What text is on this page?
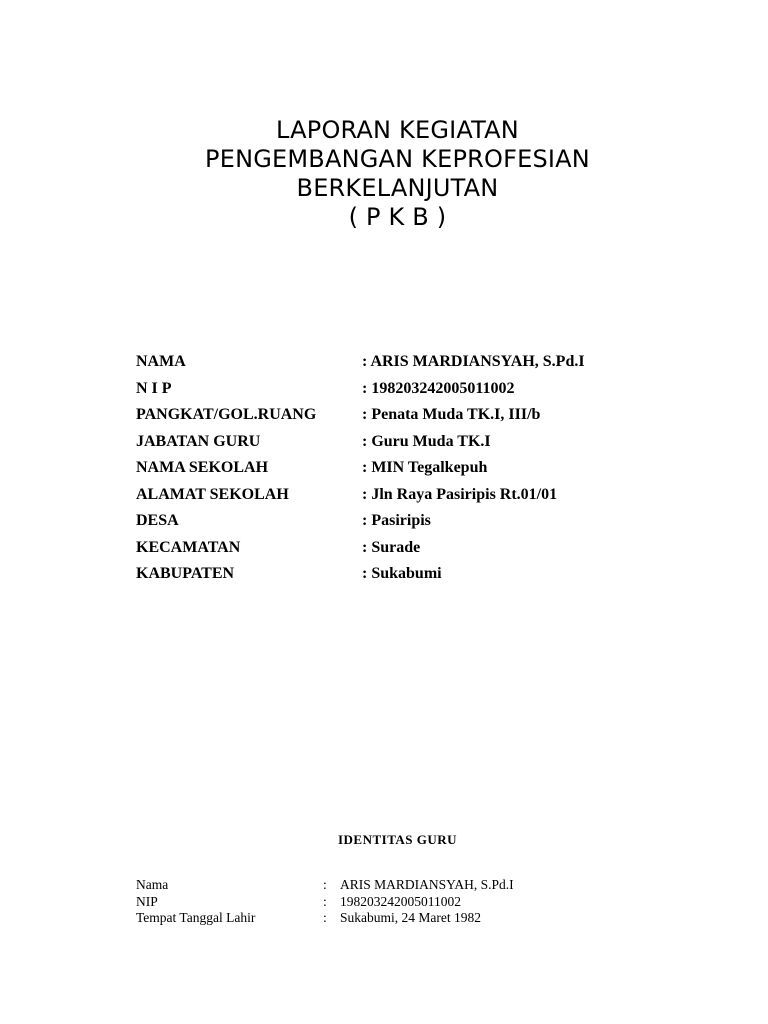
LAPORAN KEGIATAN
PENGEMBANGAN KEPROFESIAN
BERKELANJUTAN
( P K B )
NAMA	: ARIS MARDIANSYAH, S.Pd.I
N I P	: 198203242005011002
PANGKAT/GOL.RUANG	: Penata Muda TK.I, III/b
JABATAN GURU	: Guru Muda TK.I
NAMA SEKOLAH	: MIN Tegalkepuh
ALAMAT SEKOLAH	: Jln Raya Pasiripis Rt.01/01
DESA	: Pasiripis
KECAMATAN	: Surade
KABUPATEN	: Sukabumi
IDENTITAS GURU
Nama	: ARIS MARDIANSYAH, S.Pd.I
NIP	: 198203242005011002
Tempat Tanggal Lahir	: Sukabumi, 24 Maret 1982
